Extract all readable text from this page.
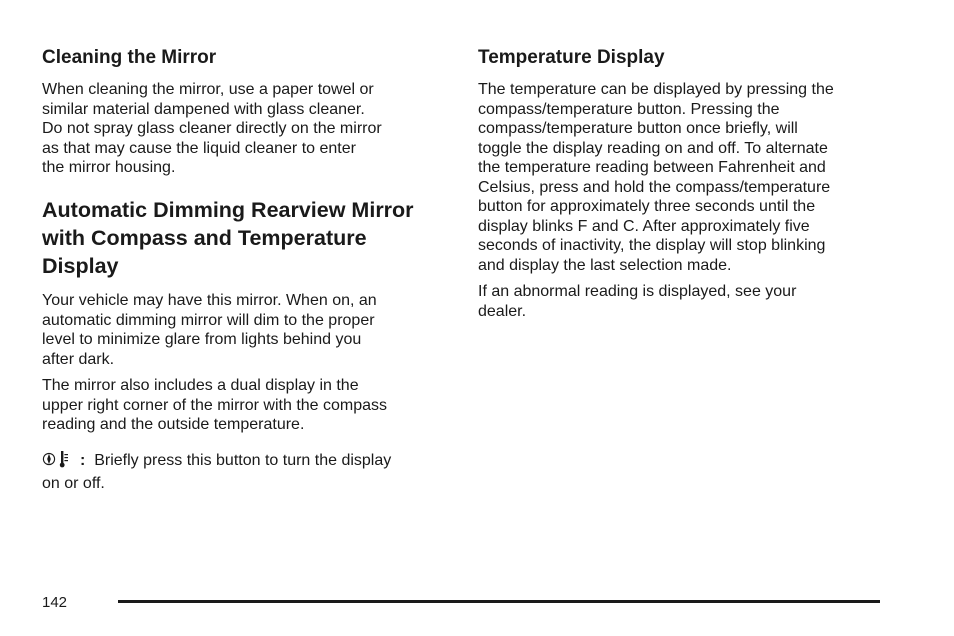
Cleaning the Mirror
When cleaning the mirror, use a paper towel or
similar material dampened with glass cleaner.
Do not spray glass cleaner directly on the mirror
as that may cause the liquid cleaner to enter
the mirror housing.
Automatic Dimming Rearview Mirror
with Compass and Temperature
Display
Your vehicle may have this mirror. When on, an
automatic dimming mirror will dim to the proper
level to minimize glare from lights behind you
after dark.
The mirror also includes a dual display in the
upper right corner of the mirror with the compass
reading and the outside temperature.
: Briefly press this button to turn the display
on or off.
Temperature Display
The temperature can be displayed by pressing the
compass/temperature button. Pressing the
compass/temperature button once briefly, will
toggle the display reading on and off. To alternate
the temperature reading between Fahrenheit and
Celsius, press and hold the compass/temperature
button for approximately three seconds until the
display blinks F and C. After approximately five
seconds of inactivity, the display will stop blinking
and display the last selection made.
If an abnormal reading is displayed, see your
dealer.
142
